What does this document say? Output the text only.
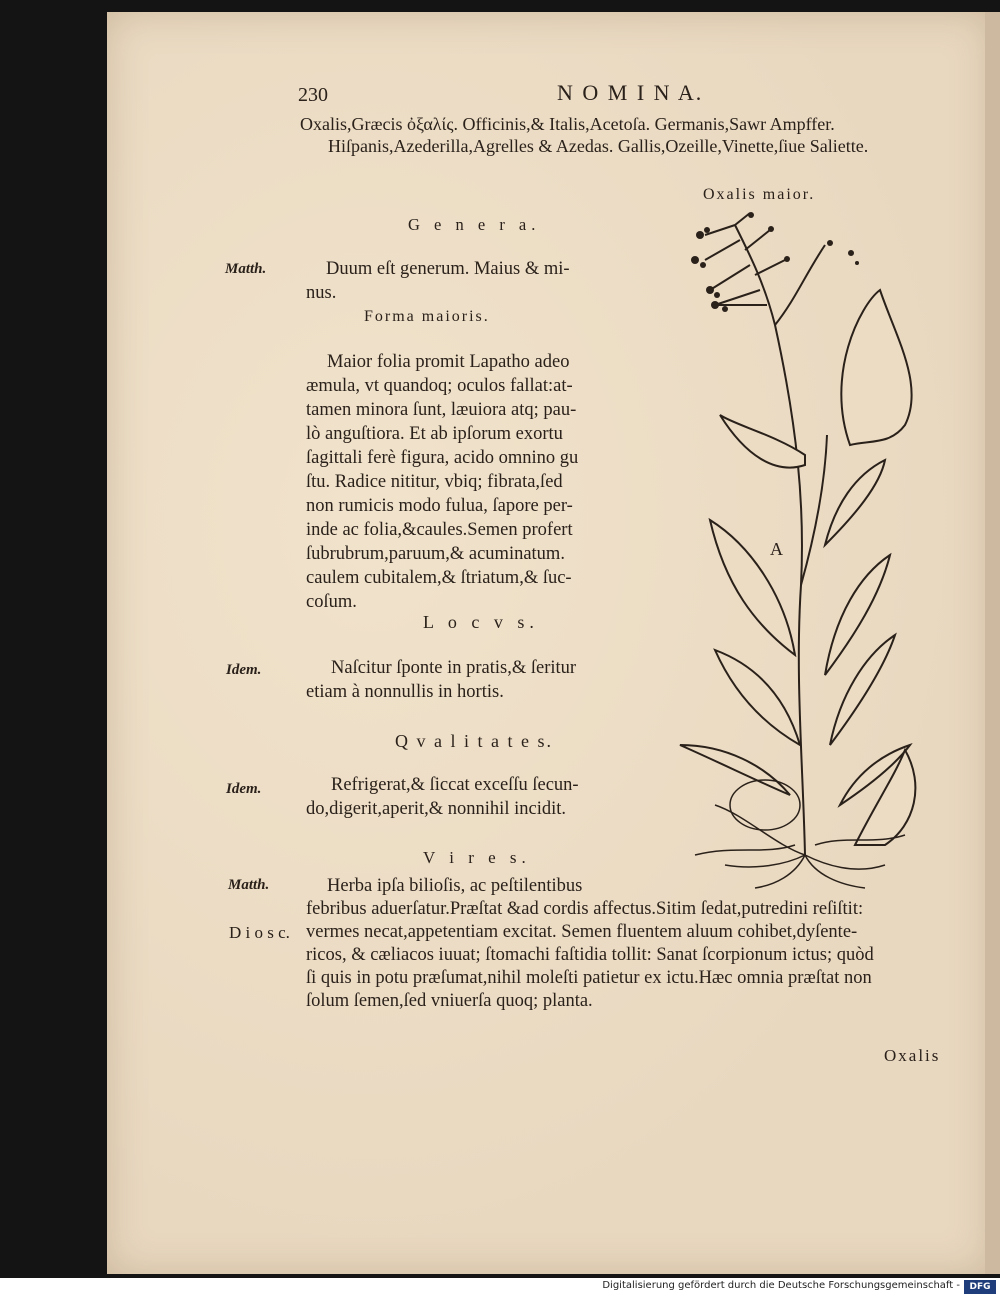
230	N O M I N A.
Oxalis,Græcis ὀξαλίς. Officinis,& Italis,Acetoſa. Germanis,Sawr Ampffer.
Hiſpanis,Azederilla,Agrelles & Azedas. Gallis,Ozeille,Vinette,ſiue Saliette.
Oxalis maior.
G e n e r a.
Matth.	Duum eſt generum. Maius & mi-
nus.
Forma maioris.
Maior folia promit Lapatho adeo
æmula, vt quandoq; oculos fallat:at-
tamen minora ſunt, læuiora atq; pau-
lò anguſtiora. Et ab ipſorum exortu
ſagittali ferè figura, acido omnino gu
ſtu. Radice nititur, vbiq; fibrata,ſed
non rumicis modo fulua, ſapore per-
inde ac folia,&caules.Semen profert
ſubrubrum,paruum,& acuminatum.
caulem cubitalem,& ſtriatum,& ſuc-
coſum.
L o c v s.
Idem.	Naſcitur ſponte in pratis,& ſeritur
etiam à nonnullis in hortis.
Q v a l i t a t e s.
Idem.	Refrigerat,& ſiccat exceſſu ſecun-
do,digerit,aperit,& nonnihil incidit.
V i r e s.
Matth.
D i o s c.
Herba ipſa bilioſis, ac peſtilentibus
febribus aduerſatur.Præſtat &ad cordis affectus.Sitim ſedat,putredini reſiſtit:
vermes necat,appetentiam excitat. Semen fluentem aluum cohibet,dyſente-
ricos, & cæliacos iuuat; ſtomachi faſtidia tollit: Sanat ſcorpionum ictus; quòd
ſi quis in potu præſumat,nihil moleſti patietur ex ictu.Hæc omnia præſtat non
ſolum ſemen,ſed vniuerſa quoq; planta.
Oxalis
A
Digitalisierung gefördert durch die Deutsche Forschungsgemeinschaft -	DFG
